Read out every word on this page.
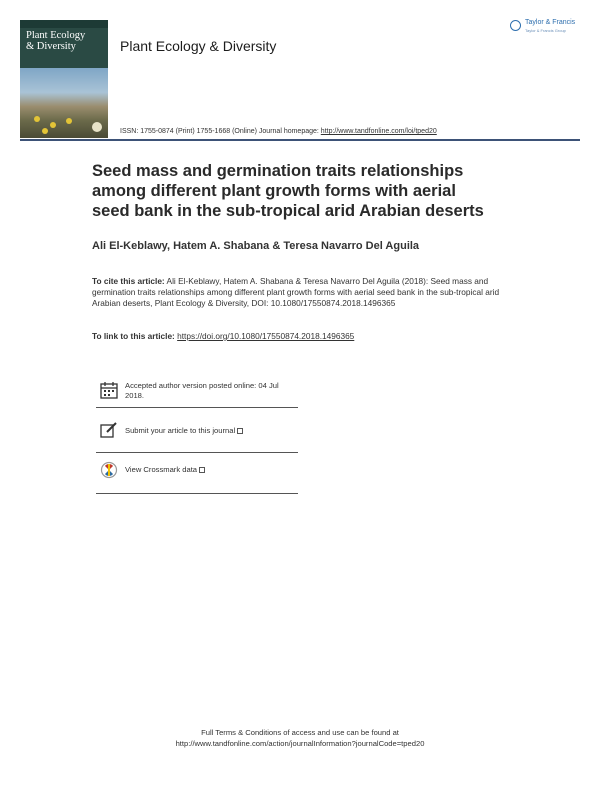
Plant Ecology
& Diversity	Plant Ecology & Diversity
Taylor & Francis
Taylor & Francis Group
ISSN: 1755-0874 (Print) 1755-1668 (Online) Journal homepage: http://www.tandfonline.com/loi/tped20
Seed mass and germination traits relationships
among different plant growth forms with aerial
seed bank in the sub-tropical arid Arabian deserts
Ali El-Keblawy, Hatem A. Shabana & Teresa Navarro Del Aguila
To cite this article: Ali El-Keblawy, Hatem A. Shabana & Teresa Navarro Del Aguila (2018): Seed mass and germination traits relationships among different plant growth forms with aerial seed bank in the sub-tropical arid Arabian deserts, Plant Ecology & Diversity, DOI: 10.1080/17550874.2018.1496365
To link to this article: https://doi.org/10.1080/17550874.2018.1496365
Accepted author version posted online: 04 Jul 2018.
Submit your article to this journal
View Crossmark data
Full Terms & Conditions of access and use can be found at
http://www.tandfonline.com/action/journalInformation?journalCode=tped20
